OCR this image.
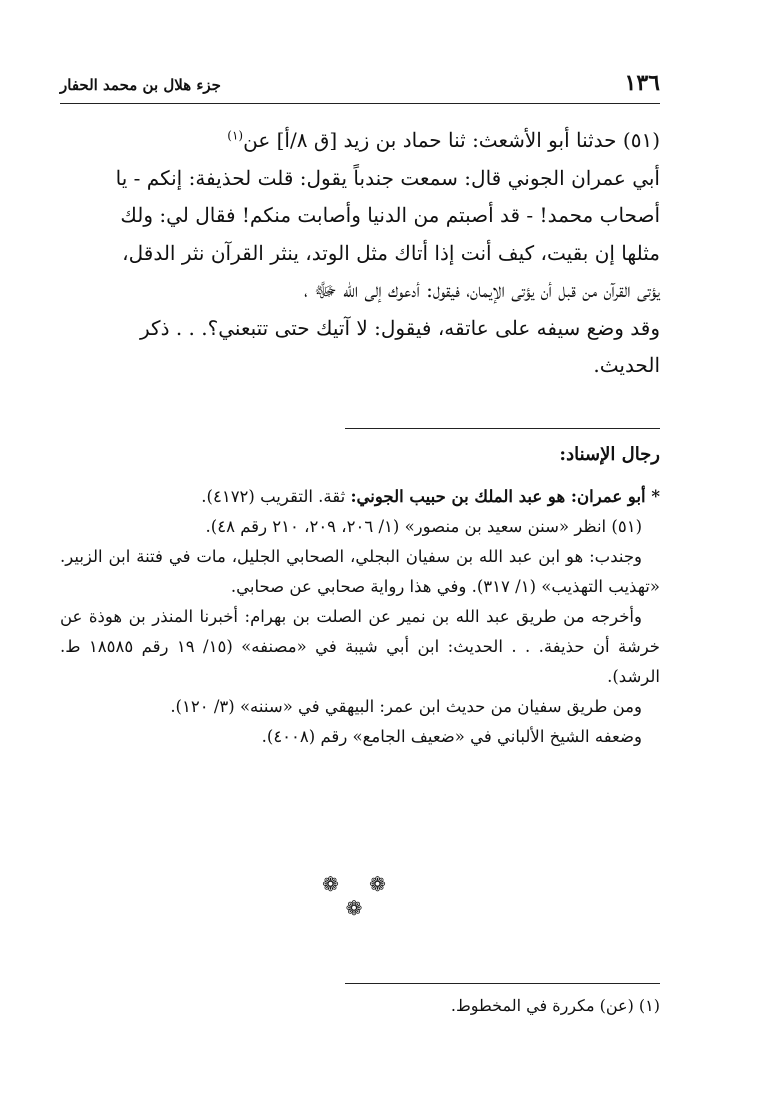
١٣٦
جزء هلال بن محمد الحفار

(٥١) حدثنا أبو الأشعث: ثنا حماد بن زيد [ق ٨/أ] عن$^{(١)}$

أبي عمران الجوني قال: سمعت جندباً يقول: قلت لحذيفة: إنكم - يا

أصحاب محمد! - قد أصبتم من الدنيا وأصابت منكم! فقال لي: ولك

مثلها إن بقيت، كيف أنت إذا أتاك مثل الوتد، ينثر القرآن نثر الدقل،

يؤتى القرآن من قبل أن يؤتى الإيمان، فيقول: أدعوك إلى الله ﷻ ،

وقد وضع سيفه على عاتقه، فيقول: لا آتيك حتى تتبعني؟. . . ذكر

الحديث.

رجال الإسناد:

* أبو عمران: هو عبد الملك بن حبيب الجوني: ثقة. التقريب (٤١٧٢).

(٥١) انظر «سنن سعيد بن منصور» (١/ ٢٠٦، ٢٠٩، ٢١٠ رقم ٤٨).

وجندب: هو ابن عبد الله بن سفيان البجلي، الصحابي الجليل، مات في فتنة ابن الزبير. «تهذيب التهذيب» (١/ ٣١٧). وفي هذا رواية صحابي عن صحابي.

وأخرجه من طريق عبد الله بن نمير عن الصلت بن بهرام: أخبرنا المنذر بن هوذة عن خرشة أن حذيفة. . . الحديث: ابن أبي شيبة في «مصنفه» (١٥/ ١٩ رقم ١٨٥٨٥ ط. الرشد).

ومن طريق سفيان من حديث ابن عمر: البيهقي في «سننه» (٣/ ١٢٠).

وضعفه الشيخ الألباني في «ضعيف الجامع» رقم (٤٠٠٨).

❁ ❁ ❁
(١) (عن) مكررة في المخطوط.
